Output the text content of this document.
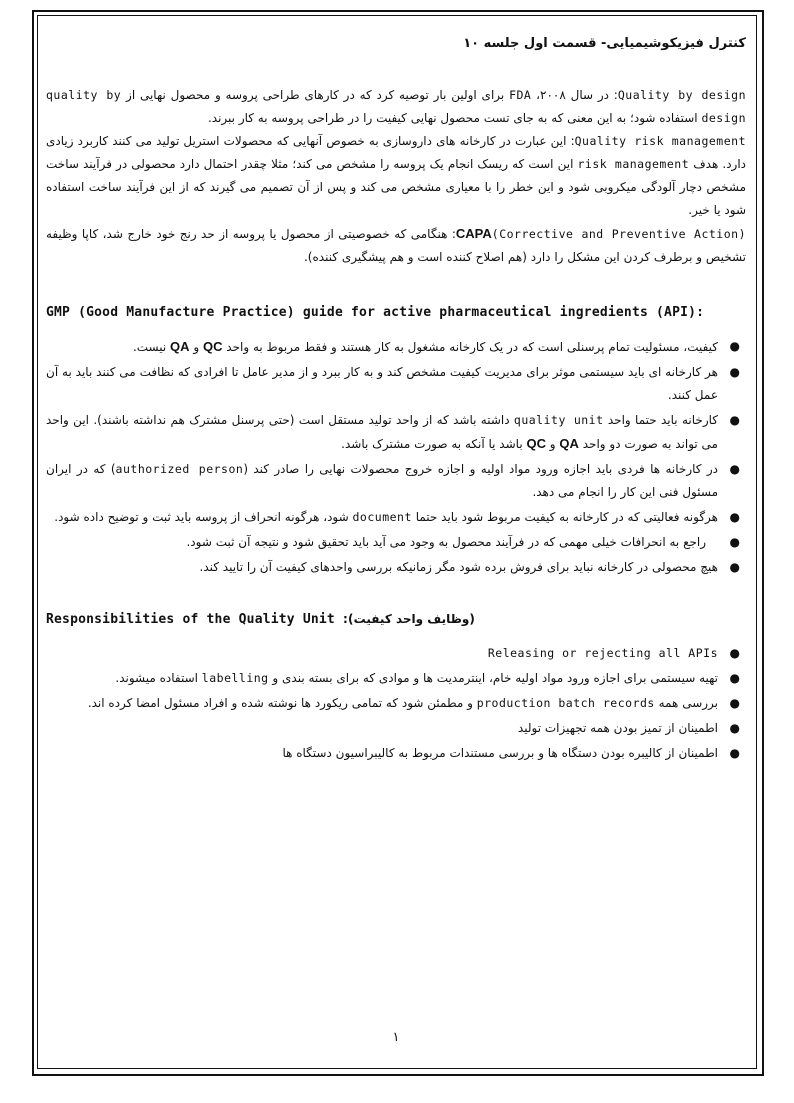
کنترل فیزیکوشیمیایی- قسمت اول جلسه ۱۰

Quality by design: در سال ۲۰۰۸، FDA برای اولین بار توصیه کرد که در کارهای طراحی پروسه و محصول نهایی از quality by design استفاده شود؛ به این معنی که به جای تست محصول نهایی کیفیت را در طراحی پروسه به کار ببرند.

Quality risk management: این عبارت در کارخانه های داروسازی به خصوص آنهایی که محصولات استریل تولید می کنند کاربرد زیادی دارد. هدف risk management این است که ریسک انجام یک پروسه را مشخص می کند؛ مثلا چقدر احتمال دارد محصولی در فرآیند ساخت مشخص دچار آلودگی میکروبی شود و این خطر را با معیاری مشخص می کند و پس از آن تصمیم می گیرند که از این فرآیند ساخت استفاده شود یا خیر.

CAPA(Corrective and Preventive Action): هنگامی که خصوصیتی از محصول یا پروسه از حد رنج خود خارج شد، کاپا وظیفه تشخیص و برطرف کردن این مشکل را دارد (هم اصلاح کننده است و هم پیشگیری کننده).

GMP (Good Manufacture Practice) guide for active pharmaceutical ingredients (API):

●
کیفیت، مسئولیت تمام پرسنلی است که در یک کارخانه مشغول به کار هستند و فقط مربوط به واحد QC و QA نیست.
●
هر کارخانه ای باید سیستمی موثر برای مدیریت کیفیت مشخص کند و به کار ببرد و از مدیر عامل تا افرادی که نظافت می کنند باید به آن عمل کنند.
●
کارخانه باید حتما واحد quality unit داشته باشد که از واحد تولید مستقل است (حتی پرسنل مشترک هم نداشته باشند). این واحد می تواند به صورت دو واحد QA و QC باشد یا آنکه به صورت مشترک باشد.
●
در کارخانه ها فردی باید اجازه ورود مواد اولیه و اجازه خروج محصولات نهایی را صادر کند (authorized person) که در ایران مسئول فنی این کار را انجام می دهد.
●
هرگونه فعالیتی که در کارخانه به کیفیت مربوط شود باید حتما document شود، هرگونه انحراف از پروسه باید ثبت و توضیح داده شود.
●
راجع به انحرافات خیلی مهمی که در فرآیند محصول به وجود می آید باید تحقیق شود و نتیجه آن ثبت شود.
●
هیچ محصولی در کارخانه نباید برای فروش برده شود مگر زمانیکه بررسی واحدهای کیفیت آن را تایید کند.

Responsibilities of the Quality Unit (وظایف واحد کیفیت):

●
Releasing or rejecting all APIs
●
تهیه سیستمی برای اجازه ورود مواد اولیه خام، اینترمدیت ها و موادی که برای بسته بندی و labelling استفاده میشوند.
●
بررسی همه production batch records و مطمئن شود که تمامی ریکورد ها نوشته شده و افراد مسئول امضا کرده اند.
●
اطمینان از تمیز بودن همه تجهیزات تولید
●
اطمینان از کالیبره بودن دستگاه ها و بررسی مستندات مربوط به کالیبراسیون دستگاه ها
۱
